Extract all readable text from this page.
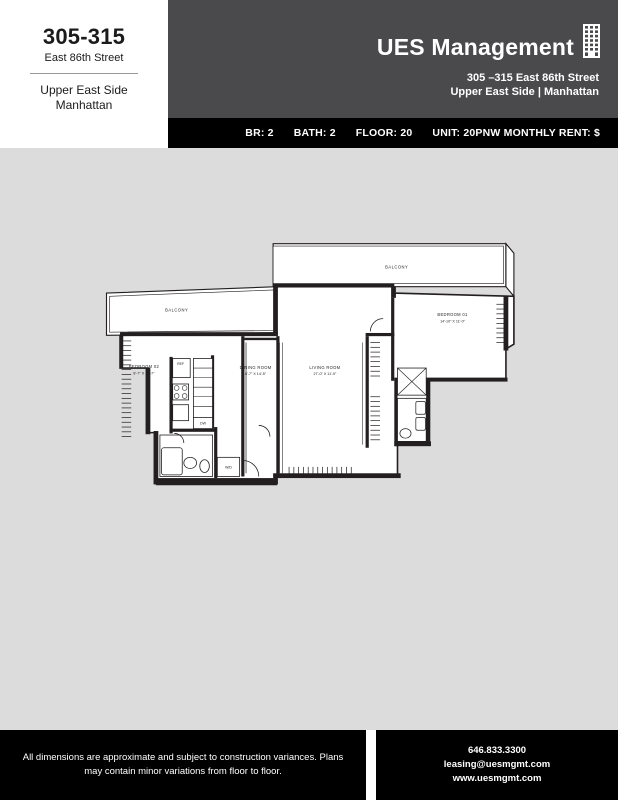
305-315
East 86th Street
Upper East Side
Manhattan
UES Management
305 –315 East 86th Street
Upper East Side | Manhattan
BR: 2 BATH: 2 FLOOR: 20 UNIT: 20PNW MONTHLY RENT: $
BALCONY
BALCONY
BEDROOM 02
8'-7" X 13'-7"
BEDROOM 01
14'-10" X 11'-0"
DINING ROOM
8'-7" X 14'-5"
LIVING ROOM
27'-0" X 11'-9"
REF
DW
W/D
All dimensions are approximate and subject to construction variances. Plans
may contain minor variations from floor to floor.
646.833.3300
leasing@uesmgmt.com
www.uesmgmt.com
